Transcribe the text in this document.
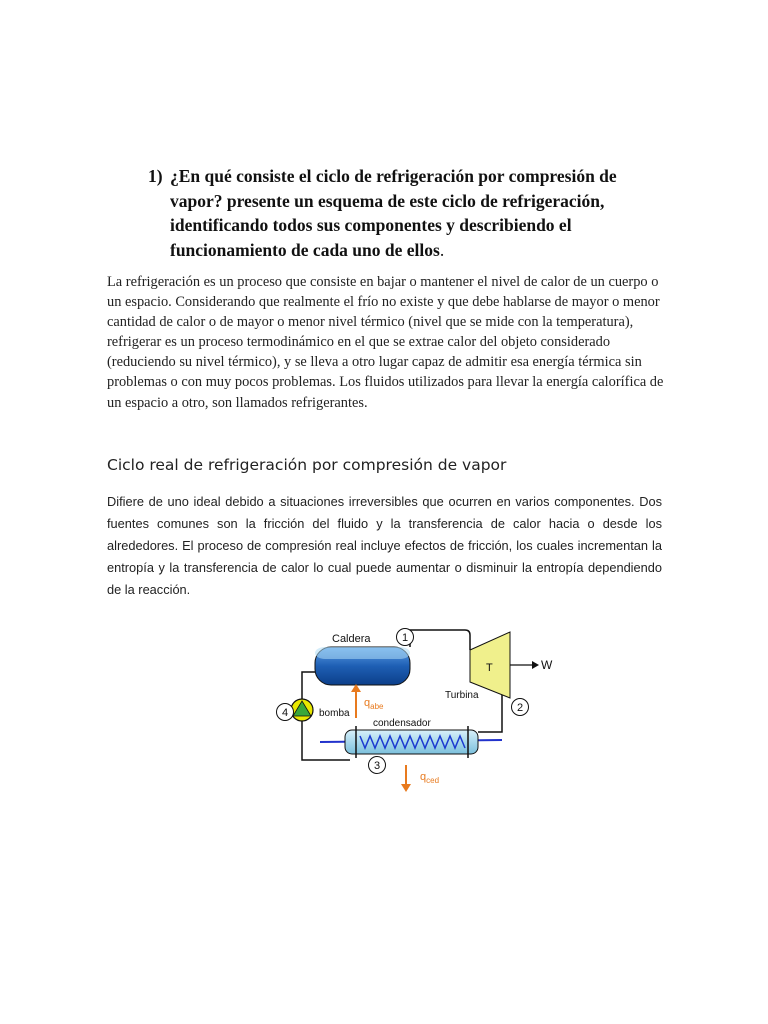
1) ¿En qué consiste el ciclo de refrigeración por compresión de vapor? presente un esquema de este ciclo de refrigeración, identificando todos sus componentes y describiendo el funcionamiento de cada uno de ellos.
La refrigeración es un proceso que consiste en bajar o mantener el nivel de calor de un cuerpo o un espacio. Considerando que realmente el frío no existe y que debe hablarse de mayor o menor cantidad de calor o de mayor o menor nivel térmico (nivel que se mide con la temperatura), refrigerar es un proceso termodinámico en el que se extrae calor del objeto considerado (reduciendo su nivel térmico), y se lleva a otro lugar capaz de admitir esa energía térmica sin problemas o con muy pocos problemas. Los fluidos utilizados para llevar la energía calorífica de un espacio a otro, son llamados refrigerantes.
Ciclo real de refrigeración por compresión de vapor
Difiere de uno ideal debido a situaciones irreversibles que ocurren en varios componentes. Dos fuentes comunes son la fricción del fluido y la transferencia de calor hacia o desde los alrededores. El proceso de compresión real incluye efectos de fricción, los cuales incrementan la entropía y la transferencia de calor lo cual puede aumentar o disminuir la entropía dependiendo de la reacción.
Caldera
T
Turbina
W
bomba
condensador
$q_{abe}$
$q_{ced}$
1
2
3
4
